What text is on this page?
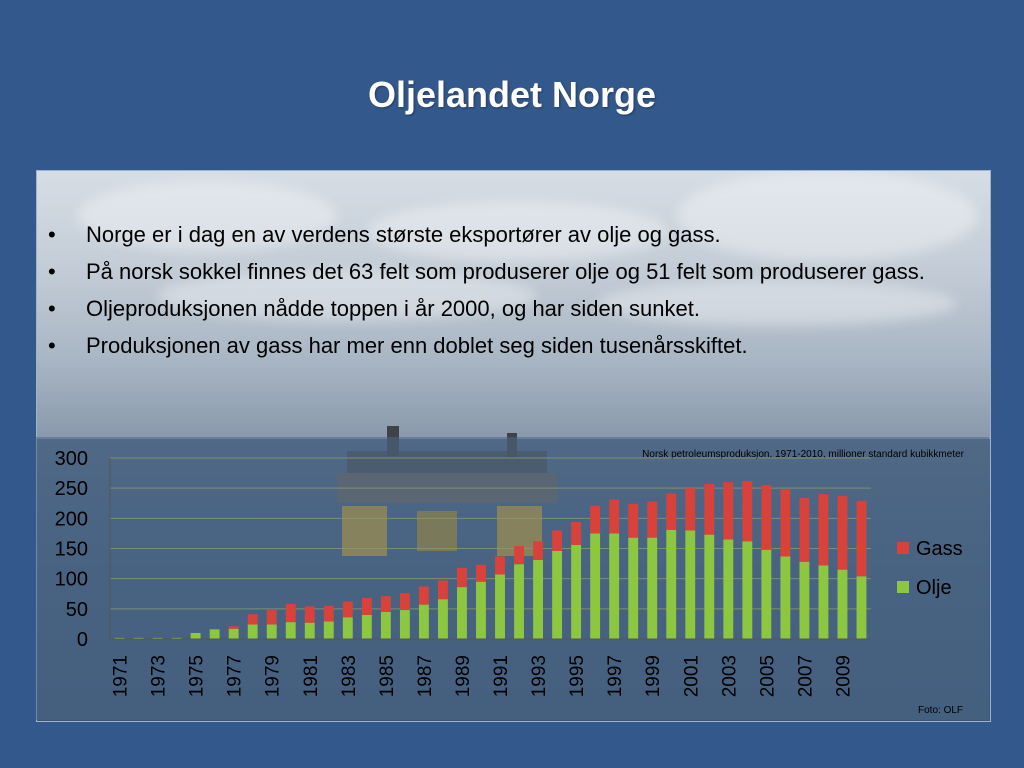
Oljelandet Norge
• Norge er i dag en av verdens største eksportører av olje og gass.
• På norsk sokkel finnes det 63 felt som produserer olje og 51 felt som produserer gass.
• Oljeproduksjonen nådde toppen i år 2000, og har siden sunket.
• Produksjonen av gass har mer enn doblet seg siden tusenårsskiftet.
Norsk petroleumsproduksjon, 1971-2010, millioner standard kubikkmeter
0
50
100
150
200
250
300
1971 1973 1975 1977 1979 1981 1983 1985 1987 1989 1991 1993 1995 1997 1999 2001 2003 2005 2007 2009
Gass
Olje
Foto: OLF
